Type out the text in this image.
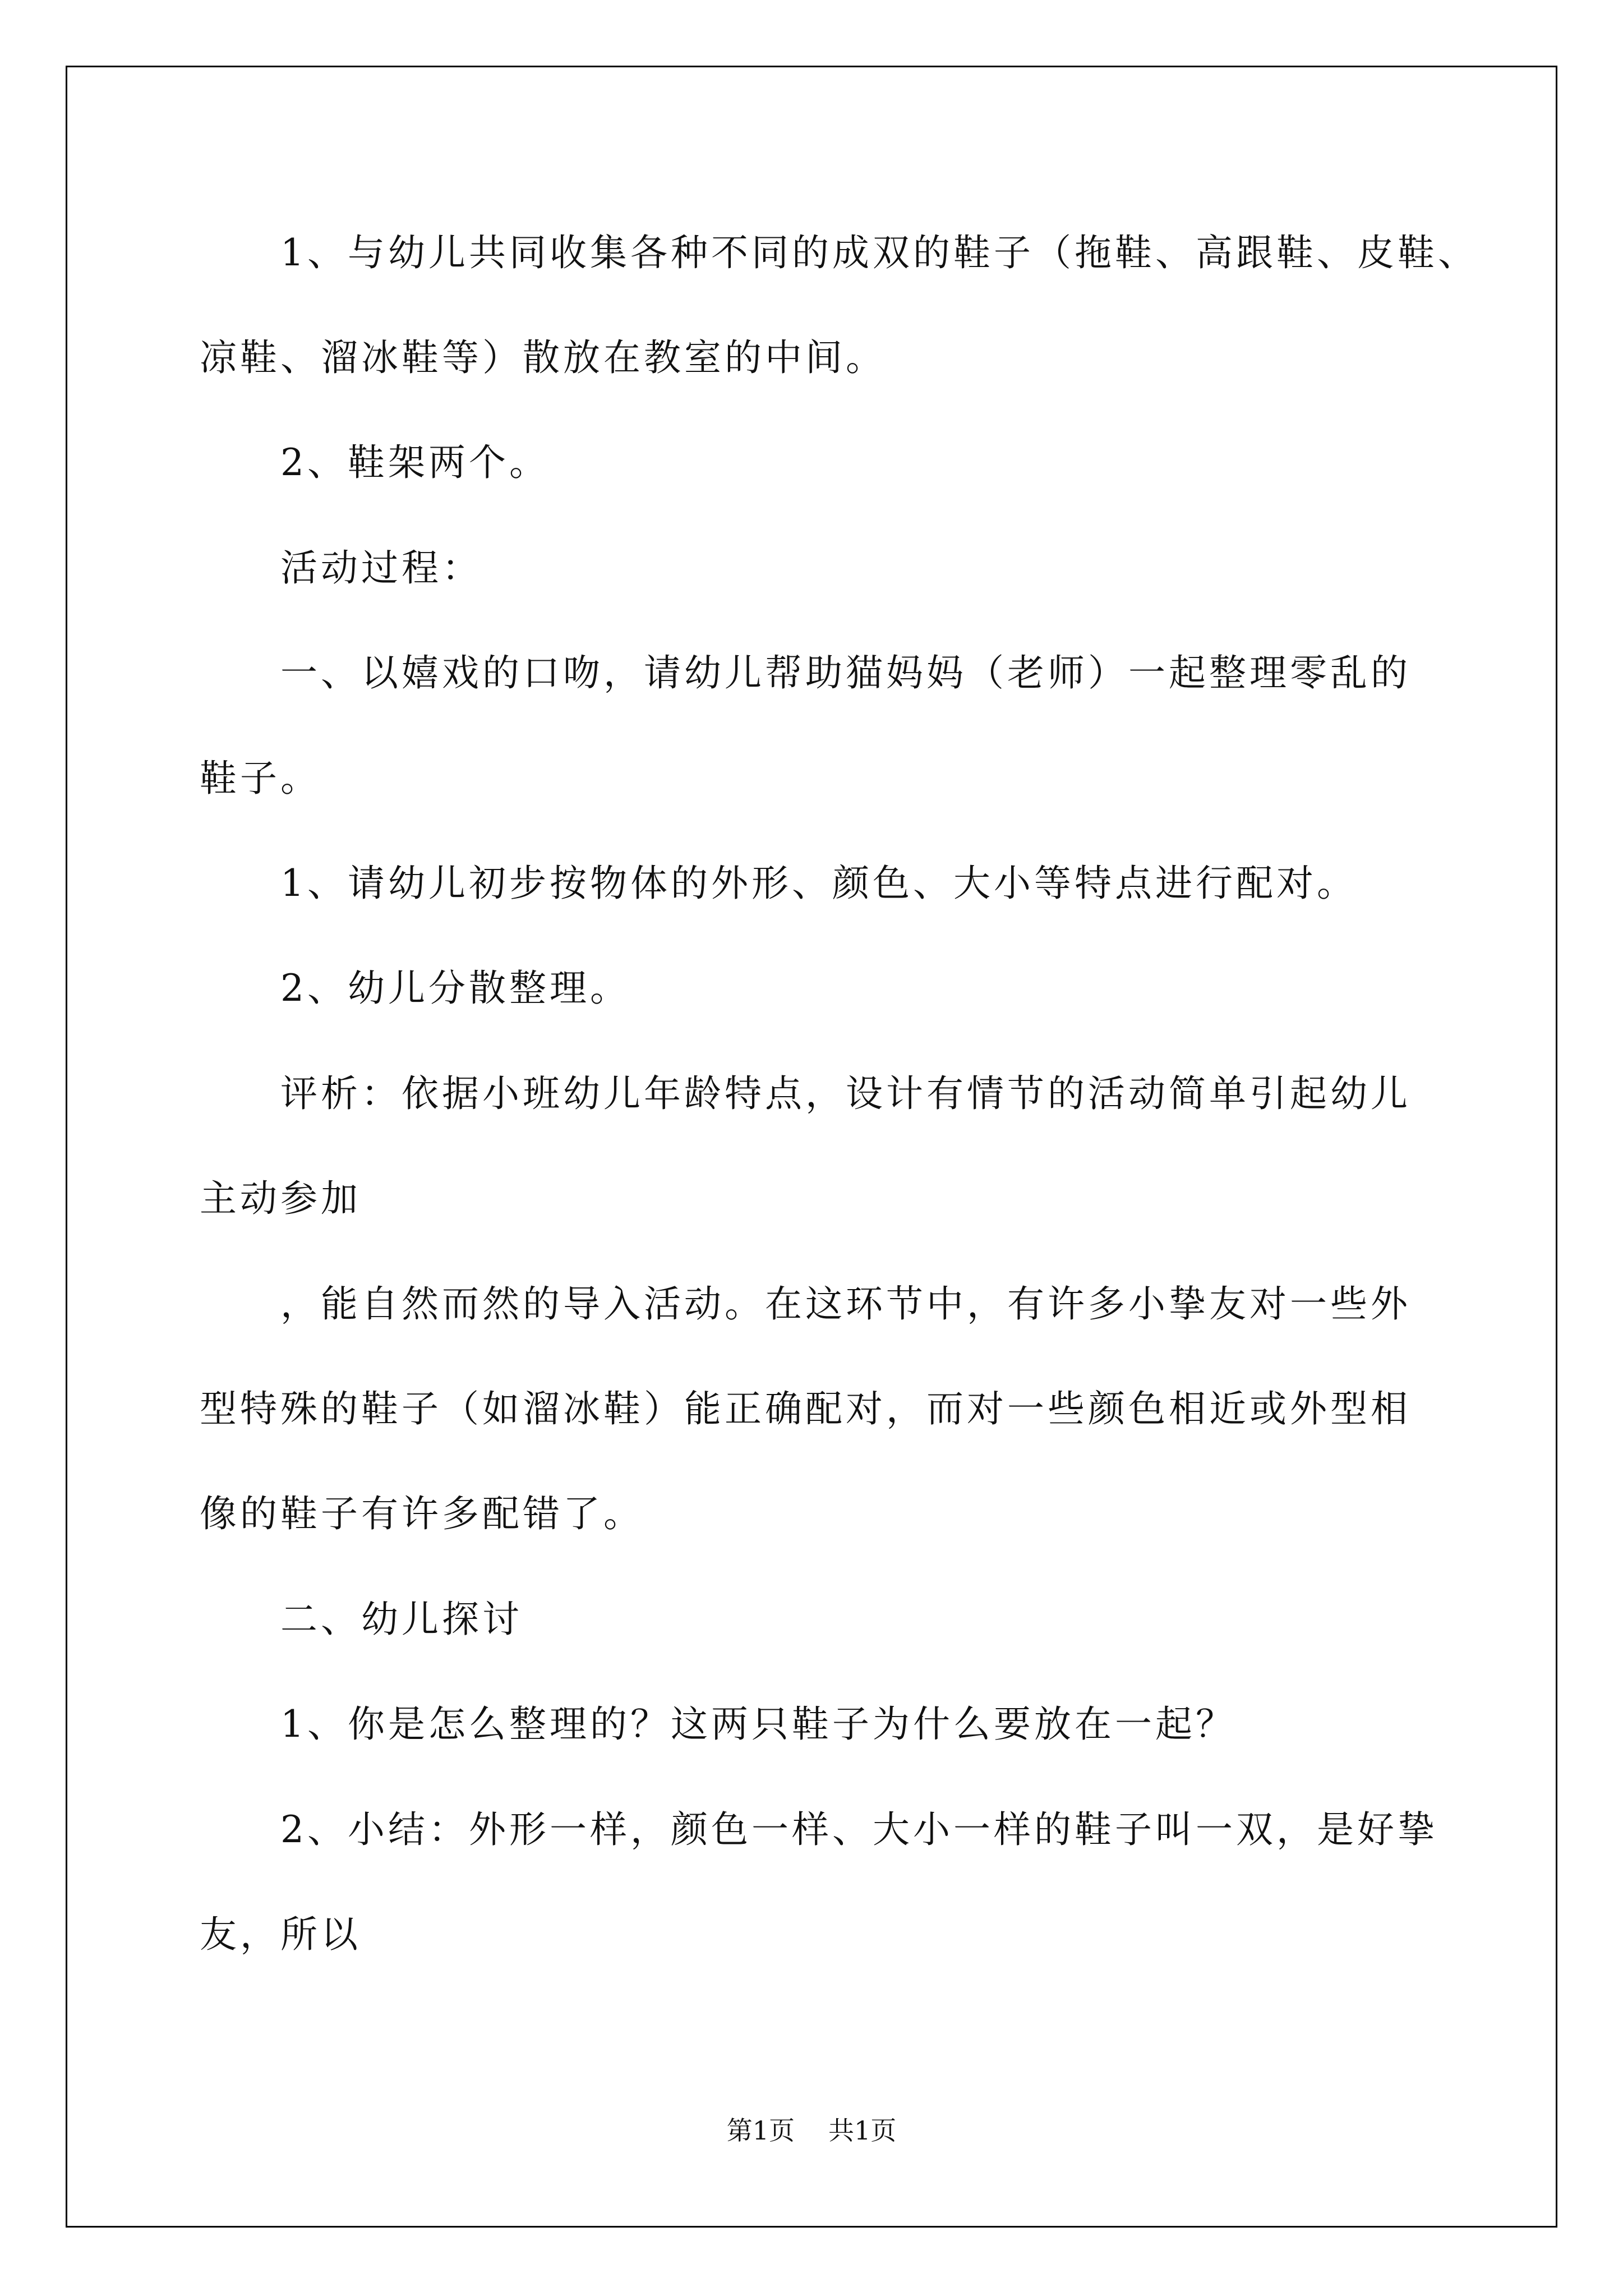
1、与幼儿共同收集各种不同的成双的鞋子（拖鞋、高跟鞋、皮鞋、
凉鞋、溜冰鞋等）散放在教室的中间。
2、鞋架两个。
活动过程：
一、以嬉戏的口吻，请幼儿帮助猫妈妈（老师）一起整理零乱的
鞋子。
1、请幼儿初步按物体的外形、颜色、大小等特点进行配对。
2、幼儿分散整理。
评析：依据小班幼儿年龄特点，设计有情节的活动简单引起幼儿
主动参加
，能自然而然的导入活动。在这环节中，有许多小挚友对一些外
型特殊的鞋子（如溜冰鞋）能正确配对，而对一些颜色相近或外型相
像的鞋子有许多配错了。
二、幼儿探讨
1、你是怎么整理的？这两只鞋子为什么要放在一起？
2、小结：外形一样，颜色一样、大小一样的鞋子叫一双，是好挚
友，所以
第1页 共1页
